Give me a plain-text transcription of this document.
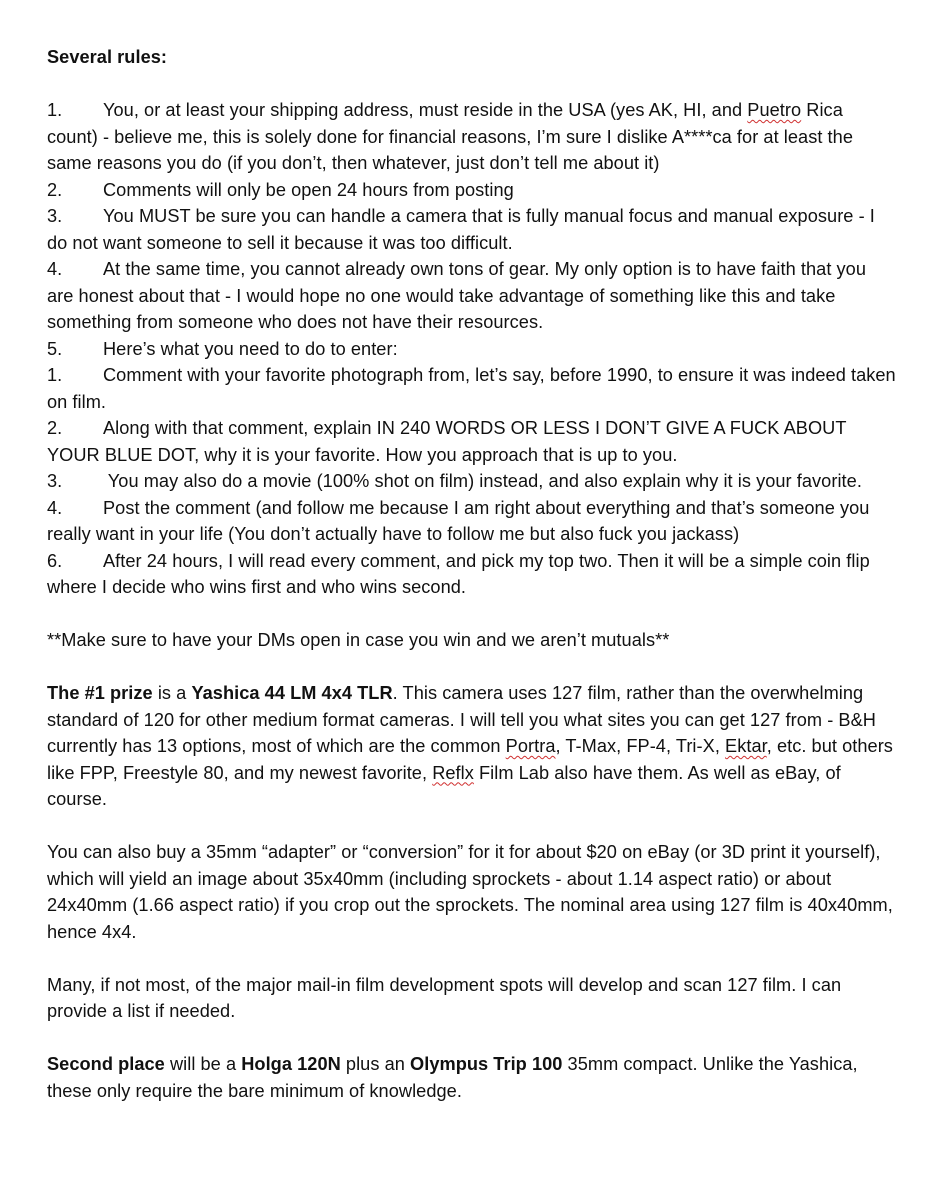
Several rules:

1. You, or at least your shipping address, must reside in the USA (yes AK, HI, and Puetro Rica count) - believe me, this is solely done for financial reasons, I’m sure I dislike A****ca for at least the same reasons you do (if you don’t, then whatever, just don’t tell me about it)

2. Comments will only be open 24 hours from posting

3. You MUST be sure you can handle a camera that is fully manual focus and manual exposure - I do not want someone to sell it because it was too difficult.

4. At the same time, you cannot already own tons of gear. My only option is to have faith that you are honest about that - I would hope no one would take advantage of something like this and take something from someone who does not have their resources.

5. Here’s what you need to do to enter:

1. Comment with your favorite photograph from, let’s say, before 1990, to ensure it was indeed taken on film.

2. Along with that comment, explain IN 240 WORDS OR LESS I DON’T GIVE A FUCK ABOUT YOUR BLUE DOT, why it is your favorite. How you approach that is up to you.

3. You may also do a movie (100% shot on film) instead, and also explain why it is your favorite.

4. Post the comment (and follow me because I am right about everything and that’s someone you really want in your life (You don’t actually have to follow me but also fuck you jackass)

6. After 24 hours, I will read every comment, and pick my top two. Then it will be a simple coin flip where I decide who wins first and who wins second.

**Make sure to have your DMs open in case you win and we aren’t mutuals**

The #1 prize is a Yashica 44 LM 4x4 TLR. This camera uses 127 film, rather than the overwhelming standard of 120 for other medium format cameras. I will tell you what sites you can get 127 from - B&H currently has 13 options, most of which are the common Portra, T-Max, FP-4, Tri-X, Ektar, etc. but others like FPP, Freestyle 80, and my newest favorite, Reflx Film Lab also have them. As well as eBay, of course.

You can also buy a 35mm “adapter” or “conversion” for it for about $20 on eBay (or 3D print it yourself), which will yield an image about 35x40mm (including sprockets - about 1.14 aspect ratio) or about 24x40mm (1.66 aspect ratio) if you crop out the sprockets. The nominal area using 127 film is 40x40mm, hence 4x4.

Many, if not most, of the major mail-in film development spots will develop and scan 127 film. I can provide a list if needed.

Second place will be a Holga 120N plus an Olympus Trip 100 35mm compact. Unlike the Yashica, these only require the bare minimum of knowledge.
